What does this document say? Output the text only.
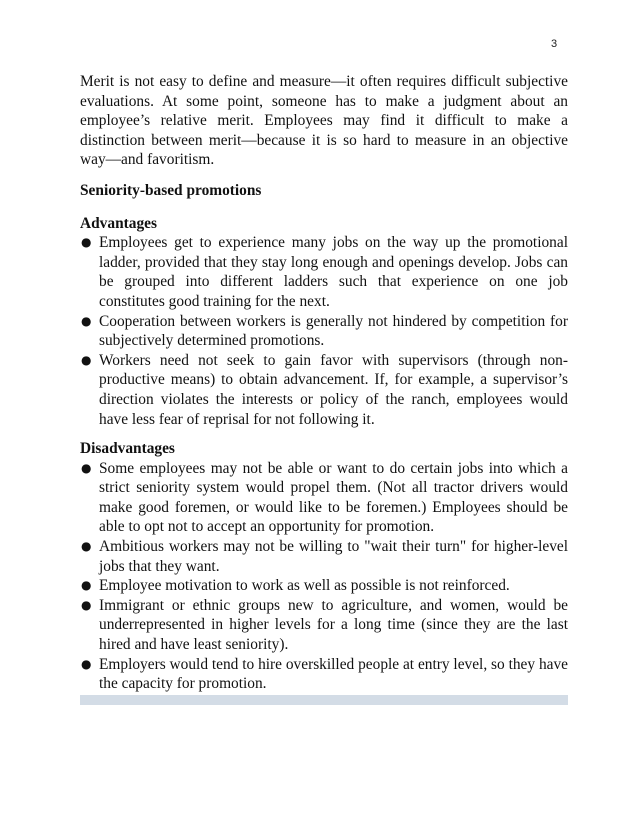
3

Merit is not easy to define and measure—it often requires difficult subjective evaluations. At some point, someone has to make a judgment about an employee’s relative merit. Employees may find it difficult to make a distinction between merit—because it is so hard to measure in an objective way—and favoritism.

Seniority-based promotions

Advantages

● Employees get to experience many jobs on the way up the promotional ladder, provided that they stay long enough and openings develop. Jobs can be grouped into different ladders such that experience on one job constitutes good training for the next.
● Cooperation between workers is generally not hindered by competition for subjectively determined promotions.
● Workers need not seek to gain favor with supervisors (through non-productive means) to obtain advancement. If, for example, a supervisor’s direction violates the interests or policy of the ranch, employees would have less fear of reprisal for not following it.

Disadvantages

● Some employees may not be able or want to do certain jobs into which a strict seniority system would propel them. (Not all tractor drivers would make good foremen, or would like to be foremen.) Employees should be able to opt not to accept an opportunity for promotion.
● Ambitious workers may not be willing to "wait their turn" for higher-level jobs that they want.
● Employee motivation to work as well as possible is not reinforced.
● Immigrant or ethnic groups new to agriculture, and women, would be underrepresented in higher levels for a long time (since they are the last hired and have least seniority).
● Employers would tend to hire overskilled people at entry level, so they have the capacity for promotion.
